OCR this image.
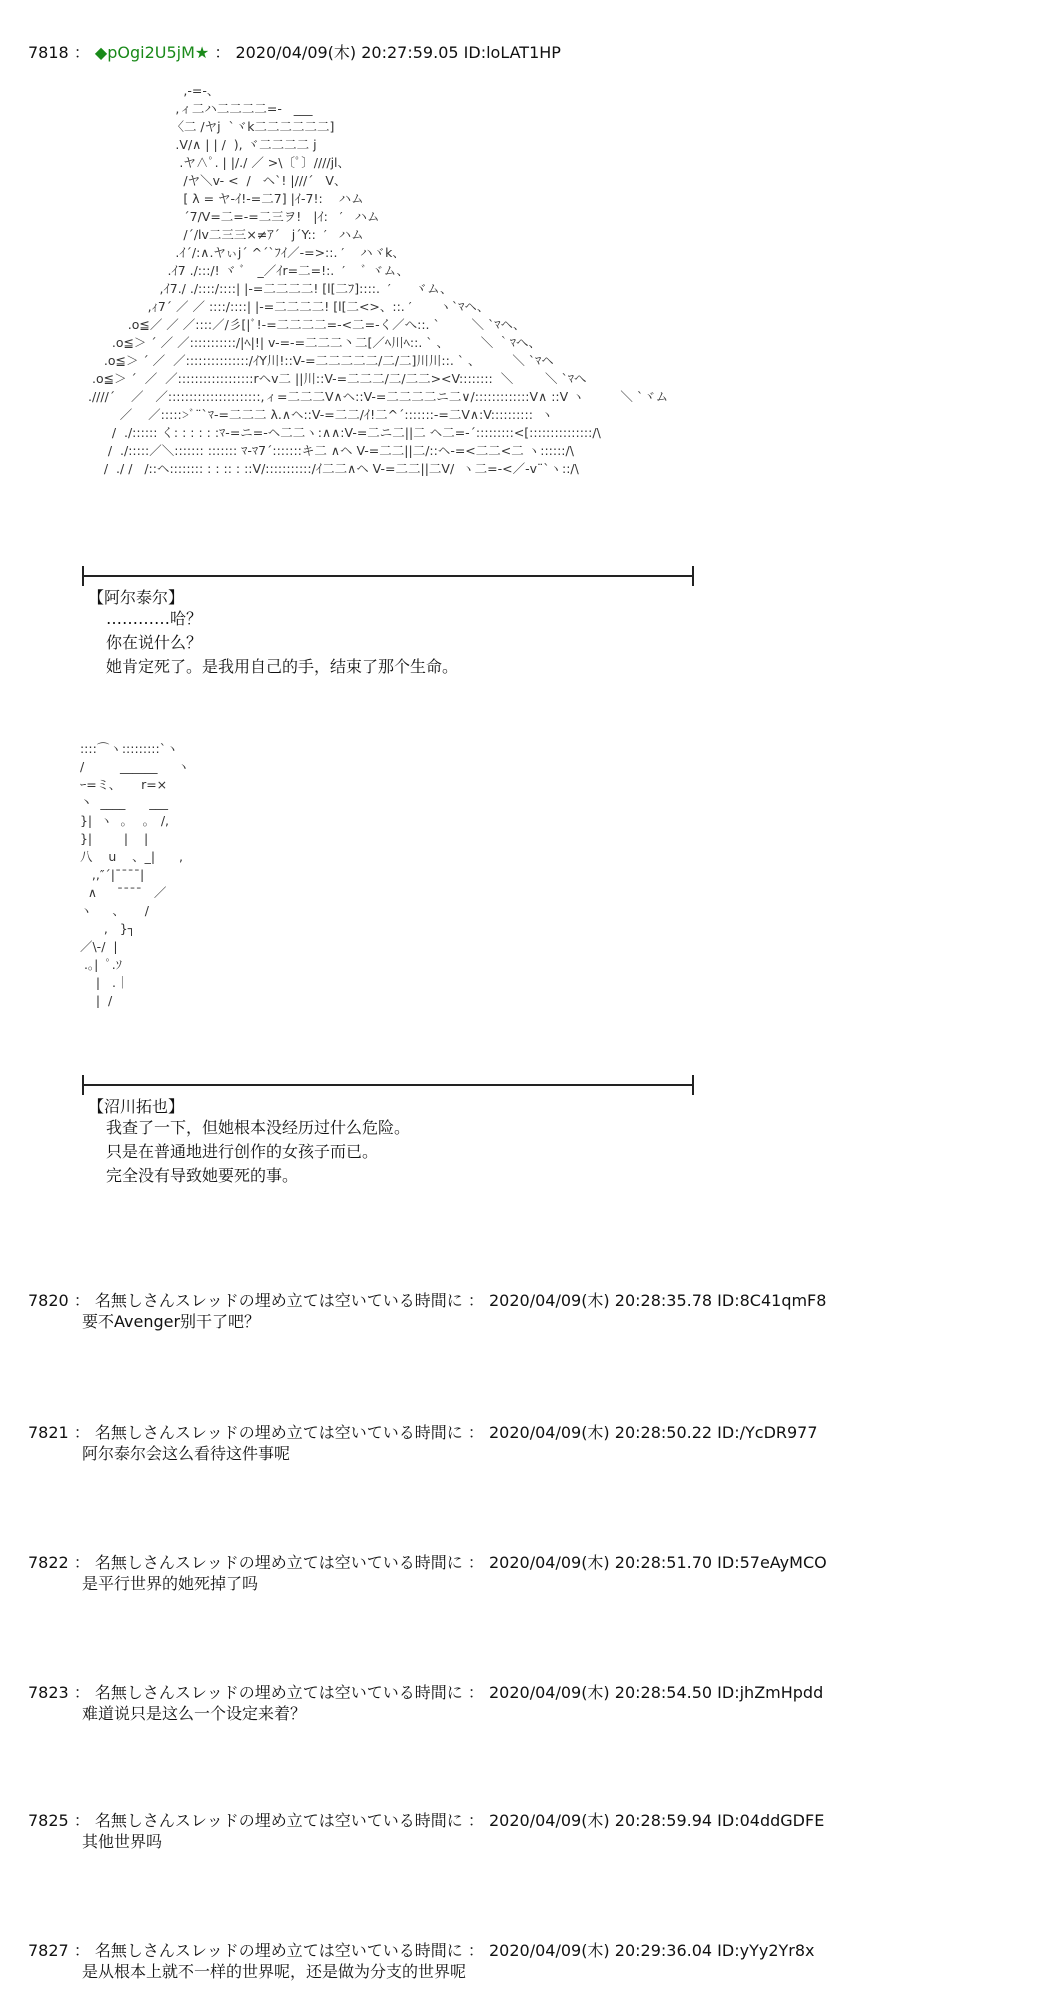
7818 ： ◆pOgi2U5jM★ ： 2020/04/09(木) 20:27:59.05 ID:loLAT1HP
,-=-、
,ィ二ハ二二二二=-   ___
〈二 /ヤj  `ヾk二二二二二二]
.V/∧ | | /  ), ヾ二二二二 j
.ヤ∧ﾟ. | |/./ ／ >\〔ﾟ〕////jl、
/ヤ＼v- <  /   ヘ`! |///´   V、
[ λ = ヤ-ｲ!-=二7] |ｲ-7!:    ハム
´7/V=二=-=二三ヲ!   |ｲ:   ′   ハム
/´/lv二三三×≠ｱ´   j´Y::  ′   ハム
.ｲ´/:∧.ヤぃj´ ^´`ﾌｲ／-=>::. ′    ハヾk、
.ｲ7 ./:::/! ヾ ﾞ   _／ｲr=二=!:.  ′    ﾞ ヾム、
,ｲ7./ ./::::/::::| |-=二二二二! [l[二ﾌ]::::.  ′      ヾム、
,ｨ7´ ／ ／ ::::/::::| |-=二二二二! [l[二<>、::. ′       ヽ`ﾏヘ、
.o≦／ ／ ／::::／/彡[|ﾞ!-=二二二二=-<二=-く／へ::. `        ＼ `ﾏヘ、
.o≦＞ ´ ／ ／:::::::::::/|ﾍ|!| v-=-=二二二丶二[／ﾍ川ﾍ::. ` 、        ＼ ｀ﾏへ、
.o≦＞ ´ ／  ／:::::::::::::::/ｲY川!::V-=二二二二二/二/二]川川::. ` 、        ＼ `ﾏヘ
.o≦＞ ´  ／  ／::::::::::::::::::rヘv二 ||川::V-=二二二/二/二二><V::::::::  ＼        ＼ `ﾏへ
.////´    ／   ／::::::::::::::::::::::,ィ=二二二V∧ヘ::V-=二二二二ニ二∨/:::::::::::::V∧ ::V ヽ         ＼ `ヾム
／    ／:::::>ﾞ¨`ﾏ-=二二二 λ.∧ヘ::V-=二二/ｲ!二^´:::::::-=二V∧:V::::::::::  ヽ
/  ./:::::: く: : : : : :ﾏ-=ニ=-ヘ二二ヽ:∧∧:V-=二ニ二||二 ヘ二=-´:::::::::<[:::::::::::::::/\
/  ./:::::／＼::::::: ::::::: ﾏ-ﾏ7´:::::::キ二 ∧ヘ V-=二二||二/::ヘ-=<二二<二 ヽ::::::/\
/  ./ /   /::ヘ:::::::: : : :: : ::V/:::::::::::/ｲ二二∧ヘ V-=二二||二V/  ヽ二=-<／-v¨`ヽ::/\
【阿尔泰尔】
…………哈？
你在说什么？
她肯定死了。是我用自己的手，结束了那个生命。
::::⌒ヽ:::::::::`ヽ
/         ______     ヽ
ｰ=ミ、     r=×
丶  ____      ___
}|  ヽ  ｡    ｡   /,
}|        |    |
八    u    、_|      ,
,,″´|¯¯¯¯|
∧     ¯¯¯¯   ／
ヽ     、     /
,   }┐
／\-/  |
.｡|  ﾟ.ｿ
|   .｜
|  /
【沼川拓也】
我查了一下，但她根本没经历过什么危险。
只是在普通地进行创作的女孩子而已。
完全没有导致她要死的事。
7820 ： 名無しさんスレッドの埋め立ては空いている時間に ： 2020/04/09(木) 20:28:35.78 ID:8C41qmF8
要不Avenger别干了吧？
7821 ： 名無しさんスレッドの埋め立ては空いている時間に ： 2020/04/09(木) 20:28:50.22 ID:/YcDR977
阿尔泰尔会这么看待这件事呢
7822 ： 名無しさんスレッドの埋め立ては空いている時間に ： 2020/04/09(木) 20:28:51.70 ID:57eAyMCO
是平行世界的她死掉了吗
7823 ： 名無しさんスレッドの埋め立ては空いている時間に ： 2020/04/09(木) 20:28:54.50 ID:jhZmHpdd
难道说只是这么一个设定来着？
7825 ： 名無しさんスレッドの埋め立ては空いている時間に ： 2020/04/09(木) 20:28:59.94 ID:04ddGDFE
其他世界吗
7827 ： 名無しさんスレッドの埋め立ては空いている時間に ： 2020/04/09(木) 20:29:36.04 ID:yYy2Yr8x
是从根本上就不一样的世界呢，还是做为分支的世界呢
